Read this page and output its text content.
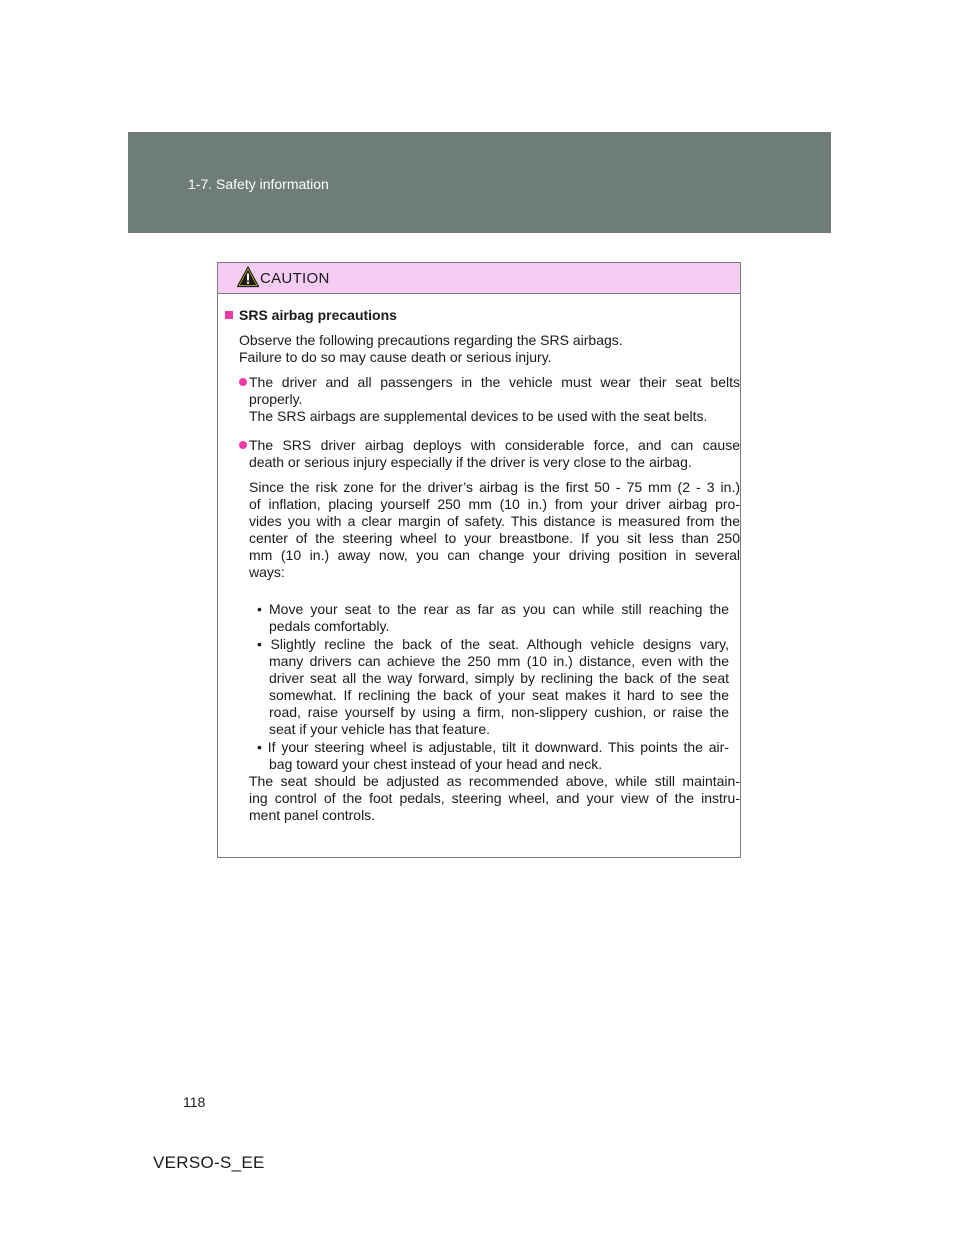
1-7. Safety information
CAUTION
SRS airbag precautions
Observe the following precautions regarding the SRS airbags.
Failure to do so may cause death or serious injury.
The driver and all passengers in the vehicle must wear their seat belts
properly.
The SRS airbags are supplemental devices to be used with the seat belts.
The SRS driver airbag deploys with considerable force, and can cause
death or serious injury especially if the driver is very close to the airbag.
Since the risk zone for the driver’s airbag is the first 50 - 75 mm (2 - 3 in.)
of inflation, placing yourself 250 mm (10 in.) from your driver airbag pro-
vides you with a clear margin of safety. This distance is measured from the
center of the steering wheel to your breastbone. If you sit less than 250
mm (10 in.) away now, you can change your driving position in several
ways:
• Move your seat to the rear as far as you can while still reaching the
pedals comfortably.
• Slightly recline the back of the seat. Although vehicle designs vary,
many drivers can achieve the 250 mm (10 in.) distance, even with the
driver seat all the way forward, simply by reclining the back of the seat
somewhat. If reclining the back of your seat makes it hard to see the
road, raise yourself by using a firm, non-slippery cushion, or raise the
seat if your vehicle has that feature.
• If your steering wheel is adjustable, tilt it downward. This points the air-
bag toward your chest instead of your head and neck.
The seat should be adjusted as recommended above, while still maintain-
ing control of the foot pedals, steering wheel, and your view of the instru-
ment panel controls.
118
VERSO-S_EE
